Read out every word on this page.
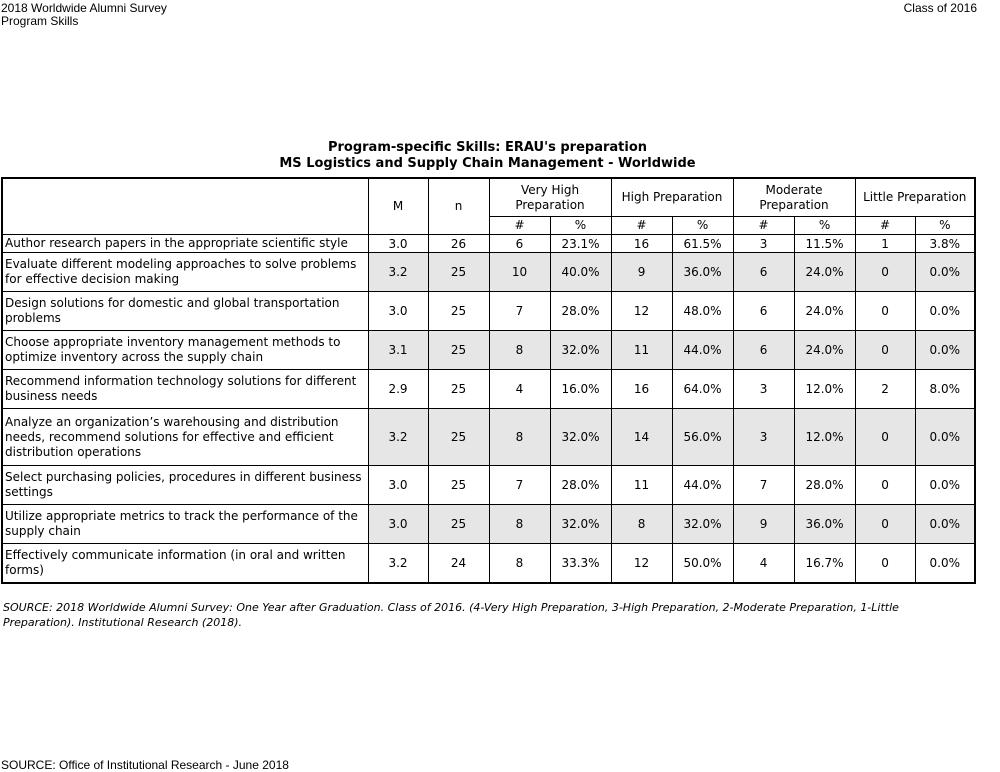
2018 Worldwide Alumni Survey
Program Skills
Class of 2016
Program-specific Skills: ERAU's preparation
MS Logistics and Supply Chain Management - Worldwide
	M	n	Very High Preparation		High Preparation		Moderate Preparation		Little Preparation	
			#	%	#	%	#	%	#	%
Author research papers in the appropriate scientific style	3.0	26	6	23.1%	16	61.5%	3	11.5%	1	3.8%
Evaluate different modeling approaches to solve problems for effective decision making	3.2	25	10	40.0%	9	36.0%	6	24.0%	0	0.0%
Design solutions for domestic and global transportation problems	3.0	25	7	28.0%	12	48.0%	6	24.0%	0	0.0%
Choose appropriate inventory management methods to optimize inventory across the supply chain	3.1	25	8	32.0%	11	44.0%	6	24.0%	0	0.0%
Recommend information technology solutions for different business needs	2.9	25	4	16.0%	16	64.0%	3	12.0%	2	8.0%
Analyze an organization’s warehousing and distribution needs, recommend solutions for effective and efficient distribution operations	3.2	25	8	32.0%	14	56.0%	3	12.0%	0	0.0%
Select purchasing policies, procedures in different business settings	3.0	25	7	28.0%	11	44.0%	7	28.0%	0	0.0%
Utilize appropriate metrics to track the performance of the supply chain	3.0	25	8	32.0%	8	32.0%	9	36.0%	0	0.0%
Effectively communicate information (in oral and written forms)	3.2	24	8	33.3%	12	50.0%	4	16.7%	0	0.0%
SOURCE: 2018 Worldwide Alumni Survey: One Year after Graduation. Class of 2016. (4-Very High Preparation, 3-High Preparation, 2-Moderate Preparation, 1-Little Preparation). Institutional Research (2018).
SOURCE: Office of Institutional Research - June 2018
